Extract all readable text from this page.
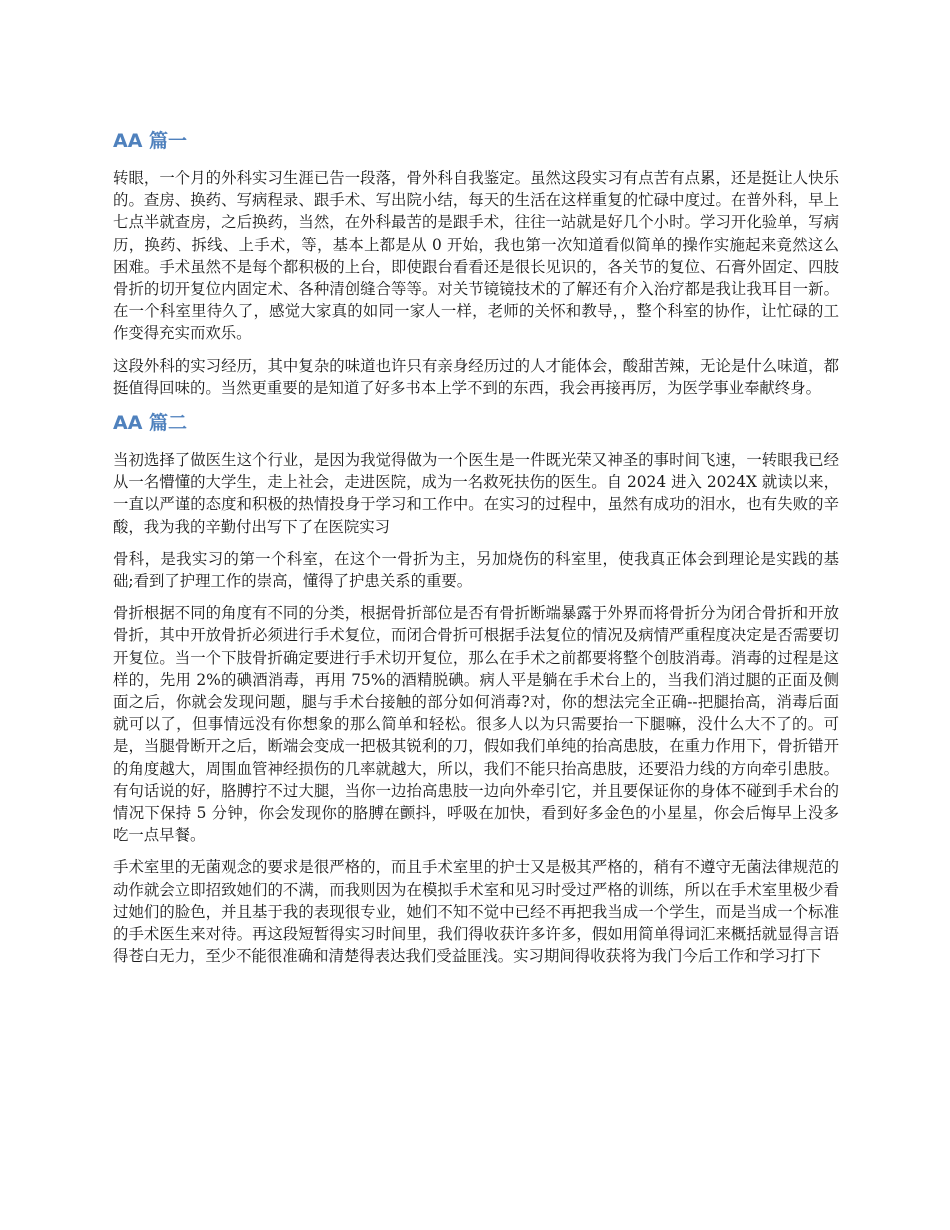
AA 篇一

转眼，一个月的外科实习生涯已告一段落，骨外科自我鉴定。虽然这段实习有点苦有点累，还是挺让人快乐的。查房、换药、写病程录、跟手术、写出院小结，每天的生活在这样重复的忙碌中度过。在普外科，早上七点半就查房，之后换药，当然，在外科最苦的是跟手术，往往一站就是好几个小时。学习开化验单，写病历，换药、拆线、上手术，等，基本上都是从 0 开始，我也第一次知道看似简单的操作实施起来竟然这么困难。手术虽然不是每个都积极的上台，即使跟台看看还是很长见识的，各关节的复位、石膏外固定、四肢骨折的切开复位内固定术、各种清创缝合等等。对关节镜镜技术的了解还有介入治疗都是我让我耳目一新。 在一个科室里待久了，感觉大家真的如同一家人一样，老师的关怀和教导，，整个科室的协作，让忙碌的工作变得充实而欢乐。

这段外科的实习经历，其中复杂的味道也许只有亲身经历过的人才能体会，酸甜苦辣，无论是什么味道，都挺值得回味的。当然更重要的是知道了好多书本上学不到的东西，我会再接再厉，为医学事业奉献终身。

AA 篇二

当初选择了做医生这个行业，是因为我觉得做为一个医生是一件既光荣又神圣的事时间飞速，一转眼我已经从一名懵懂的大学生，走上社会，走进医院，成为一名救死扶伤的医生。自 2024 进入 2024X 就读以来，一直以严谨的态度和积极的热情投身于学习和工作中。在实习的过程中，虽然有成功的泪水，也有失败的辛酸，我为我的辛勤付出写下了在医院实习

骨科，是我实习的第一个科室，在这个一骨折为主，另加烧伤的科室里，使我真正体会到理论是实践的基础;看到了护理工作的崇高，懂得了护患关系的重要。

骨折根据不同的角度有不同的分类，根据骨折部位是否有骨折断端暴露于外界而将骨折分为闭合骨折和开放骨折，其中开放骨折必须进行手术复位，而闭合骨折可根据手法复位的情况及病情严重程度决定是否需要切开复位。当一个下肢骨折确定要进行手术切开复位，那么在手术之前都要将整个创肢消毒。消毒的过程是这样的，先用 2%的碘酒消毒，再用 75%的酒精脱碘。病人平是躺在手术台上的，当我们消过腿的正面及侧面之后，你就会发现问题，腿与手术台接触的部分如何消毒?对，你的想法完全正确--把腿抬高，消毒后面就可以了，但事情远没有你想象的那么简单和轻松。很多人以为只需要抬一下腿嘛，没什么大不了的。可是，当腿骨断开之后，断端会变成一把极其锐利的刀，假如我们单纯的抬高患肢，在重力作用下，骨折错开的角度越大，周围血管神经损伤的几率就越大，所以，我们不能只抬高患肢，还要沿力线的方向牵引患肢。有句话说的好，胳膊拧不过大腿，当你一边抬高患肢一边向外牵引它，并且要保证你的身体不碰到手术台的情况下保持 5 分钟，你会发现你的胳膊在颤抖，呼吸在加快，看到好多金色的小星星，你会后悔早上没多吃一点早餐。

手术室里的无菌观念的要求是很严格的，而且手术室里的护士又是极其严格的，稍有不遵守无菌法律规范的动作就会立即招致她们的不满，而我则因为在模拟手术室和见习时受过严格的训练，所以在手术室里极少看过她们的脸色，并且基于我的表现很专业，她们不知不觉中已经不再把我当成一个学生，而是当成一个标准的手术医生来对待。再这段短暂得实习时间里，我们得收获许多许多，假如用简单得词汇来概括就显得言语得苍白无力，至少不能很准确和清楚得表达我们受益匪浅。实习期间得收获将为我门今后工作和学习打下
